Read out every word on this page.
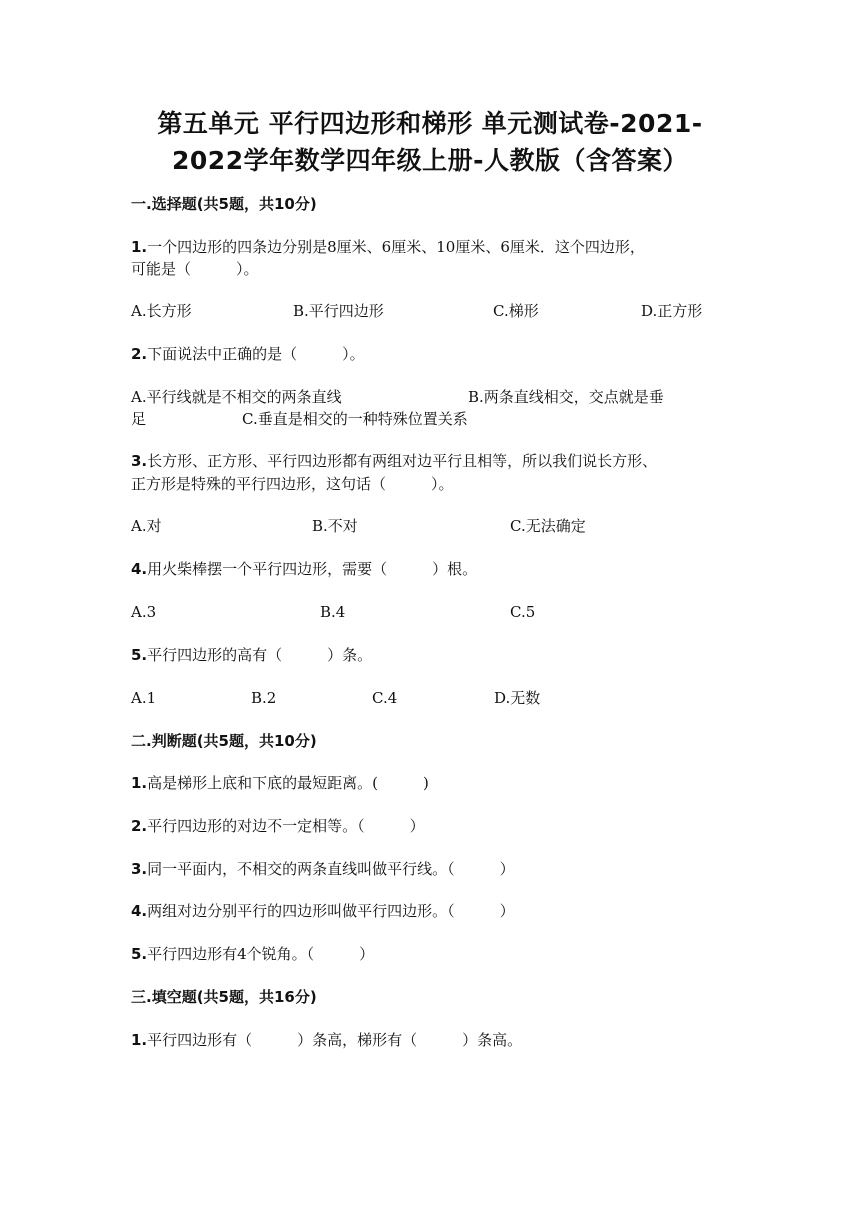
第五单元 平行四边形和梯形 单元测试卷-2021-
2022学年数学四年级上册-人教版（含答案）
一.选择题(共5题，共10分)
1.一个四边形的四条边分别是8厘米、6厘米、10厘米、6厘米．这个四边形，
可能是（　　　）。
A.长方形	B.平行四边形	C.梯形	D.正方形
2.下面说法中正确的是（　　　）。
A.平行线就是不相交的两条直线	B.两条直线相交，交点就是垂
足	C.垂直是相交的一种特殊位置关系
3.长方形、正方形、平行四边形都有两组对边平行且相等，所以我们说长方形、
正方形是特殊的平行四边形，这句话（　　　）。
A.对	B.不对	C.无法确定
4.用火柴棒摆一个平行四边形，需要（　　　）根。
A.3	B.4	C.5
5.平行四边形的高有（　　　）条。
A.1	B.2	C.4	D.无数
二.判断题(共5题，共10分)
1.高是梯形上底和下底的最短距离。(　　　)
2.平行四边形的对边不一定相等。（　　　）
3.同一平面内，不相交的两条直线叫做平行线。（　　　）
4.两组对边分别平行的四边形叫做平行四边形。（　　　）
5.平行四边形有4个锐角。（　　　）
三.填空题(共5题，共16分)
1.平行四边形有（　　　）条高，梯形有（　　　）条高。
